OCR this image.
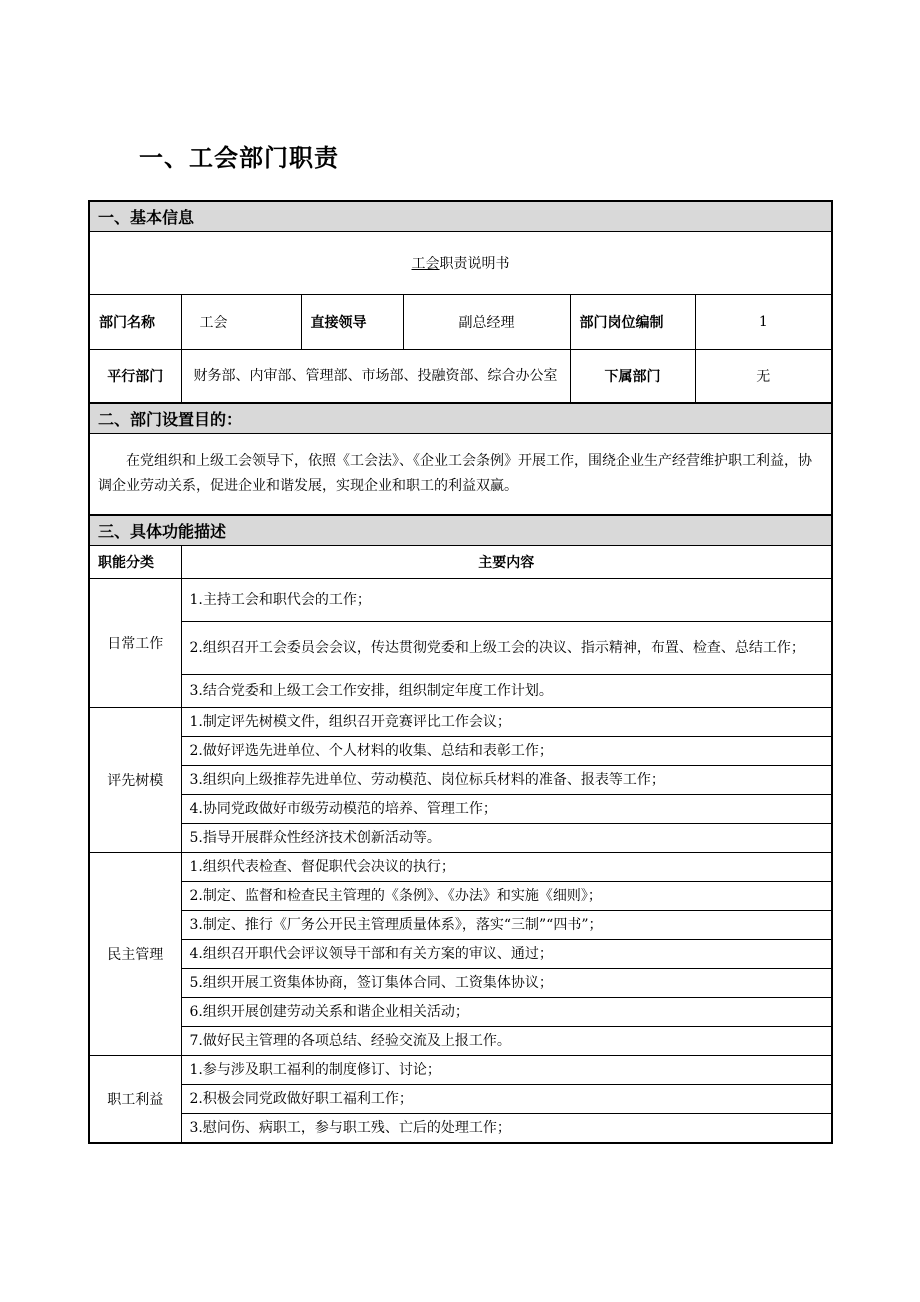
一、工会部门职责
一、基本信息					
工会职责说明书					
部门名称	工会	直接领导	副总经理	部门岗位编制	1
平行部门	财务部、内审部、管理部、市场部、投融资部、综合办公室			下属部门	无
二、部门设置目的：					

在党组织和上级工会领导下，依照《工会法》、《企业工会条例》开展工作，围绕企业生产经营维护职工利益，协调企业劳动关系，促进企业和谐发展，实现企业和职工的利益双赢。					

三、具体功能描述					
职能分类	主要内容				
日常工作	1.主持工会和职代会的工作；				
	2.组织召开工会委员会会议，传达贯彻党委和上级工会的决议、指示精神，布置、检查、总结工作；				
	3.结合党委和上级工会工作安排，组织制定年度工作计划。				
评先树模	1.制定评先树模文件，组织召开竞赛评比工作会议；				
	2.做好评选先进单位、个人材料的收集、总结和表彰工作；				
	3.组织向上级推荐先进单位、劳动模范、岗位标兵材料的准备、报表等工作；				
	4.协同党政做好市级劳动模范的培养、管理工作；				
	5.指导开展群众性经济技术创新活动等。				
民主管理	1.组织代表检查、督促职代会决议的执行；				
	2.制定、监督和检查民主管理的《条例》、《办法》和实施《细则》；				
	3.制定、推行《厂务公开民主管理质量体系》，落实“三制”“四书”；				
	4.组织召开职代会评议领导干部和有关方案的审议、通过；				
	5.组织开展工资集体协商，签订集体合同、工资集体协议；				
	6.组织开展创建劳动关系和谐企业相关活动；				
	7.做好民主管理的各项总结、经验交流及上报工作。				
职工利益	1.参与涉及职工福利的制度修订、讨论；				
	2.积极会同党政做好职工福利工作；				
	3.慰问伤、病职工，参与职工残、亡后的处理工作；				
